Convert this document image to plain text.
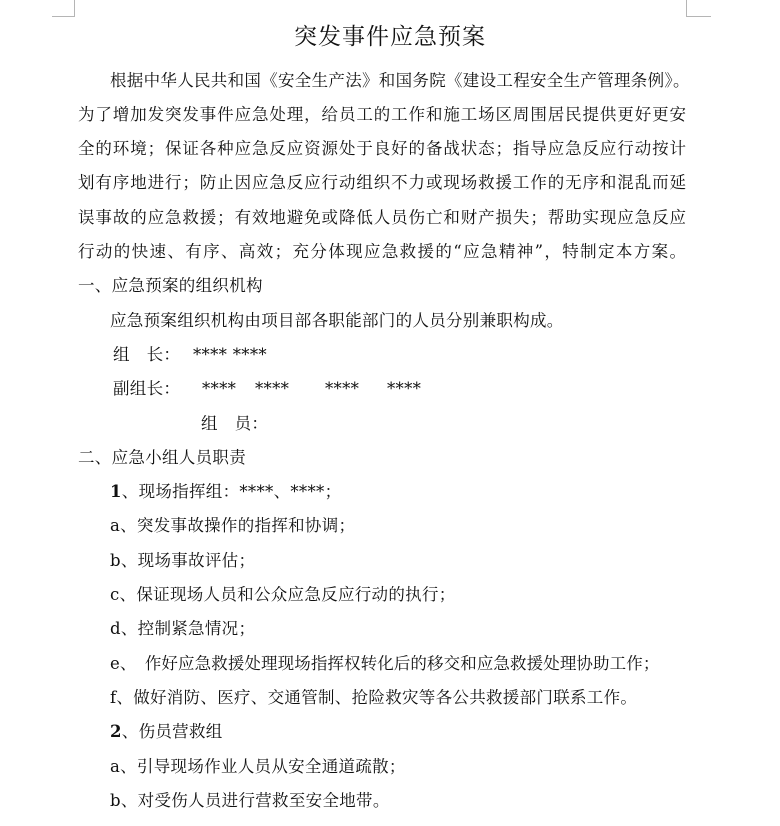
突发事件应急预案
根据中华人民共和国《安全生产法》和国务院《建设工程安全生产管理条例》。
为了增加发突发事件应急处理，给员工的工作和施工场区周围居民提供更好更安
全的环境；保证各种应急反应资源处于良好的备战状态；指导应急反应行动按计
划有序地进行；防止因应急反应行动组织不力或现场救援工作的无序和混乱而延
误事故的应急救援；有效地避免或降低人员伤亡和财产损失；帮助实现应急反应
行动的快速、有序、高效；充分体现应急救援的“应急精神”，特制定本方案。
一、应急预案的组织机构
应急预案组织机构由项目部各职能部门的人员分别兼职构成。
组　长： **** ****
副组长： **** **** **** ****
组　员：
二、应急小组人员职责
1、现场指挥组：****、****；
a、突发事故操作的指挥和协调；
b、现场事故评估；
c、保证现场人员和公众应急反应行动的执行；
d、控制紧急情况；
e、　作好应急救援处理现场指挥权转化后的移交和应急救援处理协助工作；
f、做好消防、医疗、交通管制、抢险救灾等各公共救援部门联系工作。
2、伤员营救组
a、引导现场作业人员从安全通道疏散；
b、对受伤人员进行营救至安全地带。
